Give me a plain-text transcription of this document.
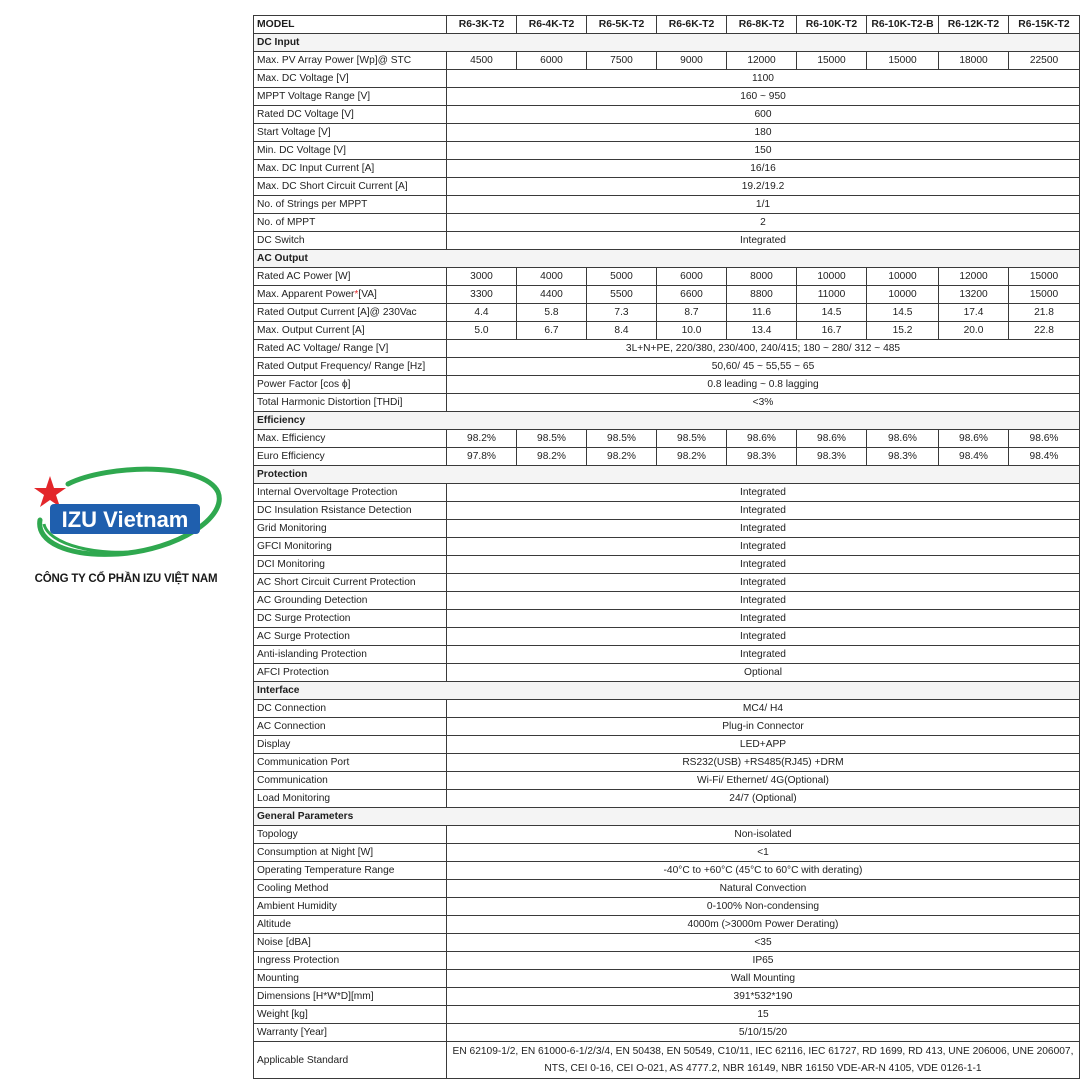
IZU Vietnam
CÔNG TY CỔ PHẦN IZU VIỆT NAM
MODEL	R6-3K-T2	R6-4K-T2	R6-5K-T2	R6-6K-T2	R6-8K-T2	R6-10K-T2	R6-10K-T2-B	R6-12K-T2	R6-15K-T2
DC Input									
Max. PV Array Power [Wp]@ STC	4500	6000	7500	9000	12000	15000	15000	18000	22500
Max. DC Voltage [V]	1100								
MPPT Voltage Range [V]	160 ~ 950								
Rated DC Voltage [V]	600								
Start Voltage [V]	180								
Min. DC Voltage [V]	150								
Max. DC Input Current [A]	16/16								
Max. DC Short Circuit Current [A]	19.2/19.2								
No. of Strings per MPPT	1/1								
No. of MPPT	2								
DC Switch	Integrated								
AC Output									
Rated AC Power [W]	3000	4000	5000	6000	8000	10000	10000	12000	15000
Max. Apparent Power*[VA]	3300	4400	5500	6600	8800	11000	10000	13200	15000
Rated Output Current [A]@ 230Vac	4.4	5.8	7.3	8.7	11.6	14.5	14.5	17.4	21.8
Max. Output Current [A]	5.0	6.7	8.4	10.0	13.4	16.7	15.2	20.0	22.8
Rated AC Voltage/ Range [V]	3L+N+PE, 220/380, 230/400, 240/415; 180 ~ 280/ 312 ~ 485								
Rated Output Frequency/ Range [Hz]	50,60/ 45 ~ 55,55 ~ 65								
Power Factor [cos ϕ]	0.8 leading ~ 0.8 lagging								
Total Harmonic Distortion [THDi]	<3%								
Efficiency									
Max. Efficiency	98.2%	98.5%	98.5%	98.5%	98.6%	98.6%	98.6%	98.6%	98.6%
Euro Efficiency	97.8%	98.2%	98.2%	98.2%	98.3%	98.3%	98.3%	98.4%	98.4%
Protection									
Internal Overvoltage Protection	Integrated								
DC Insulation Rsistance Detection	Integrated								
Grid Monitoring	Integrated								
GFCI Monitoring	Integrated								
DCI Monitoring	Integrated								
AC Short Circuit Current Protection	Integrated								
AC Grounding Detection	Integrated								
DC Surge Protection	Integrated								
AC Surge Protection	Integrated								
Anti-islanding Protection	Integrated								
AFCI Protection	Optional								
Interface									
DC Connection	MC4/ H4								
AC Connection	Plug-in Connector								
Display	LED+APP								
Communication Port	RS232(USB) +RS485(RJ45) +DRM								
Communication	Wi-Fi/ Ethernet/ 4G(Optional)								
Load Monitoring	24/7 (Optional)								
General Parameters									
Topology	Non-isolated								
Consumption at Night [W]	<1								
Operating Temperature Range	-40°C to +60°C (45°C to 60°C with derating)								
Cooling Method	Natural Convection								
Ambient Humidity	0-100% Non-condensing								
Altitude	4000m (>3000m Power Derating)								
Noise [dBA]	<35								
Ingress Protection	IP65								
Mounting	Wall Mounting								
Dimensions [H*W*D][mm]	391*532*190								
Weight [kg]	15								
Warranty [Year]	5/10/15/20								
Applicable Standard	EN 62109-1/2, EN 61000-6-1/2/3/4, EN 50438, EN 50549, C10/11, IEC 62116, IEC 61727, RD 1699, RD 413, UNE 206006, UNE 206007, NTS, CEI 0-16, CEI O-021, AS 4777.2, NBR 16149, NBR 16150 VDE-AR-N 4105, VDE 0126-1-1								
